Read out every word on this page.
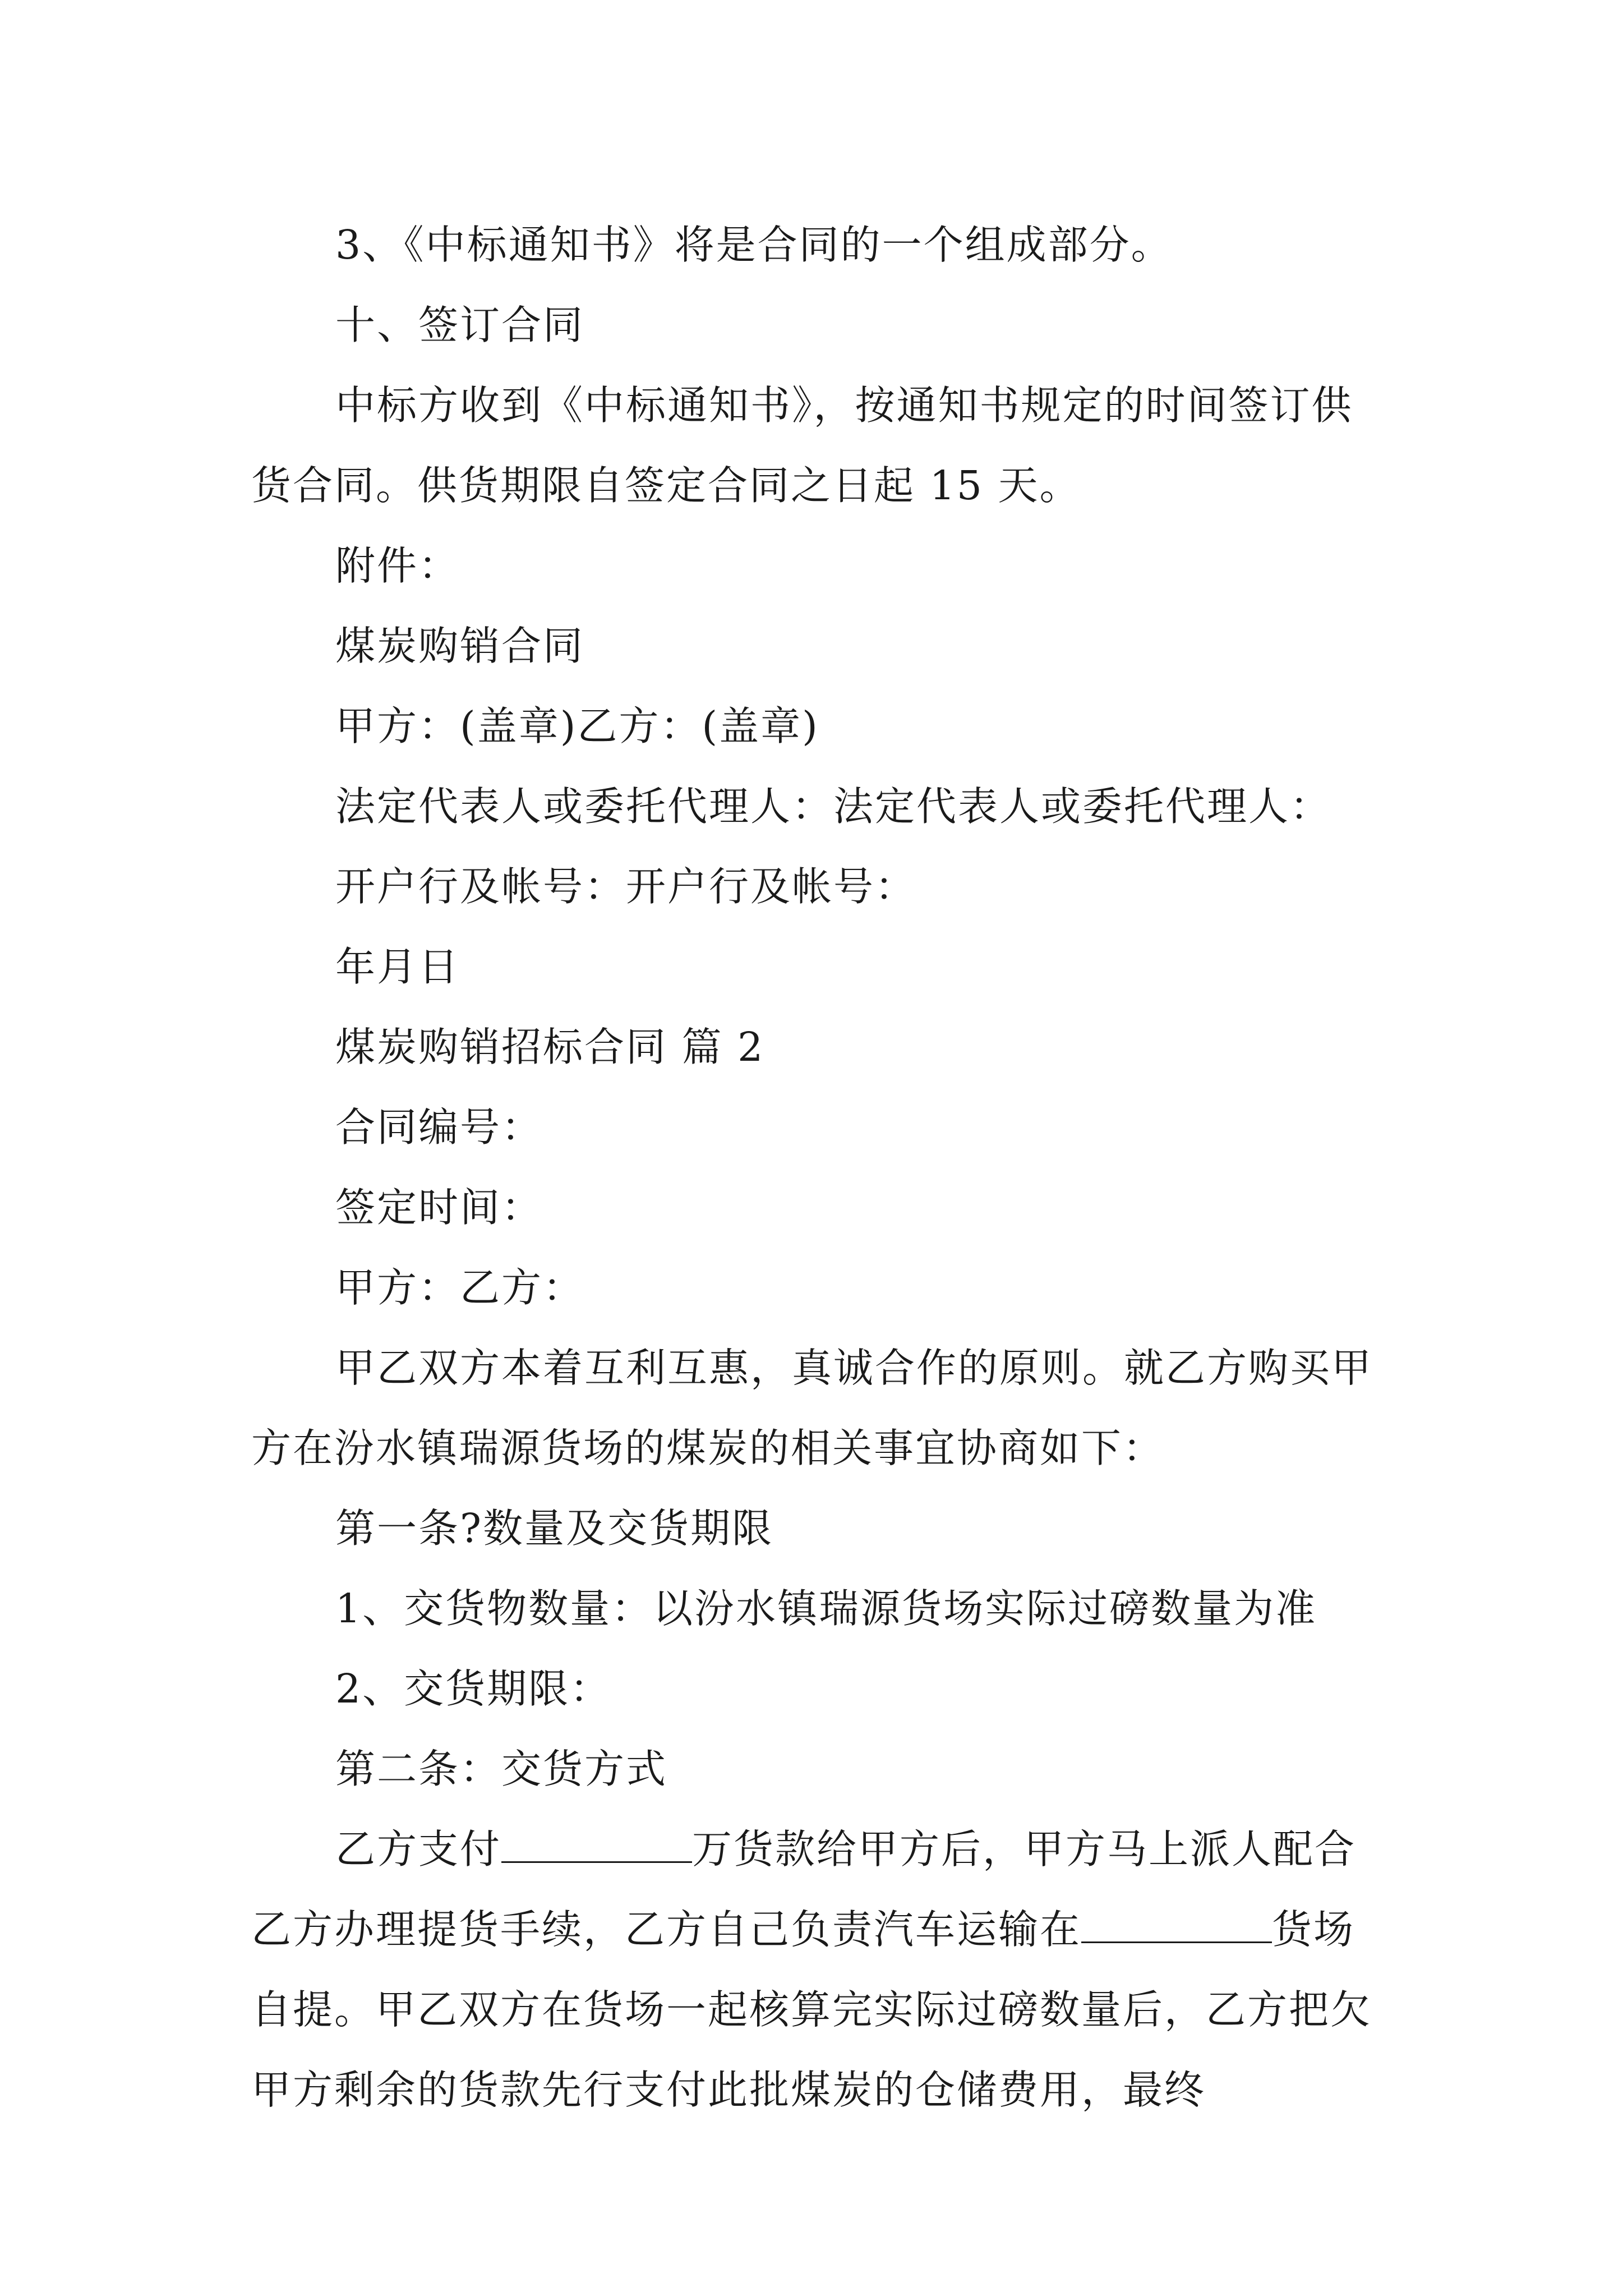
3、《中标通知书》将是合同的一个组成部分。

十、签订合同

中标方收到《中标通知书》，按通知书规定的时间签订供货合同。供货期限自签定合同之日起 15 天。

附件：

煤炭购销合同

甲方：(盖章)乙方：(盖章)

法定代表人或委托代理人：法定代表人或委托代理人：

开户行及帐号：开户行及帐号：

年月日

煤炭购销招标合同 篇 2

合同编号：

签定时间：

甲方：乙方：

甲乙双方本着互利互惠，真诚合作的原则。就乙方购买甲方在汾水镇瑞源货场的煤炭的相关事宜协商如下：

第一条?数量及交货期限

1、交货物数量：以汾水镇瑞源货场实际过磅数量为准

2、交货期限：

第二条：交货方式

乙方支付	万货款给甲方后，甲方马上派人配合乙方办理提货手续，乙方自己负责汽车运输在	货场自提。甲乙双方在货场一起核算完实际过磅数量后，乙方把欠甲方剩余的货款先行支付此批煤炭的仓储费用，最终
